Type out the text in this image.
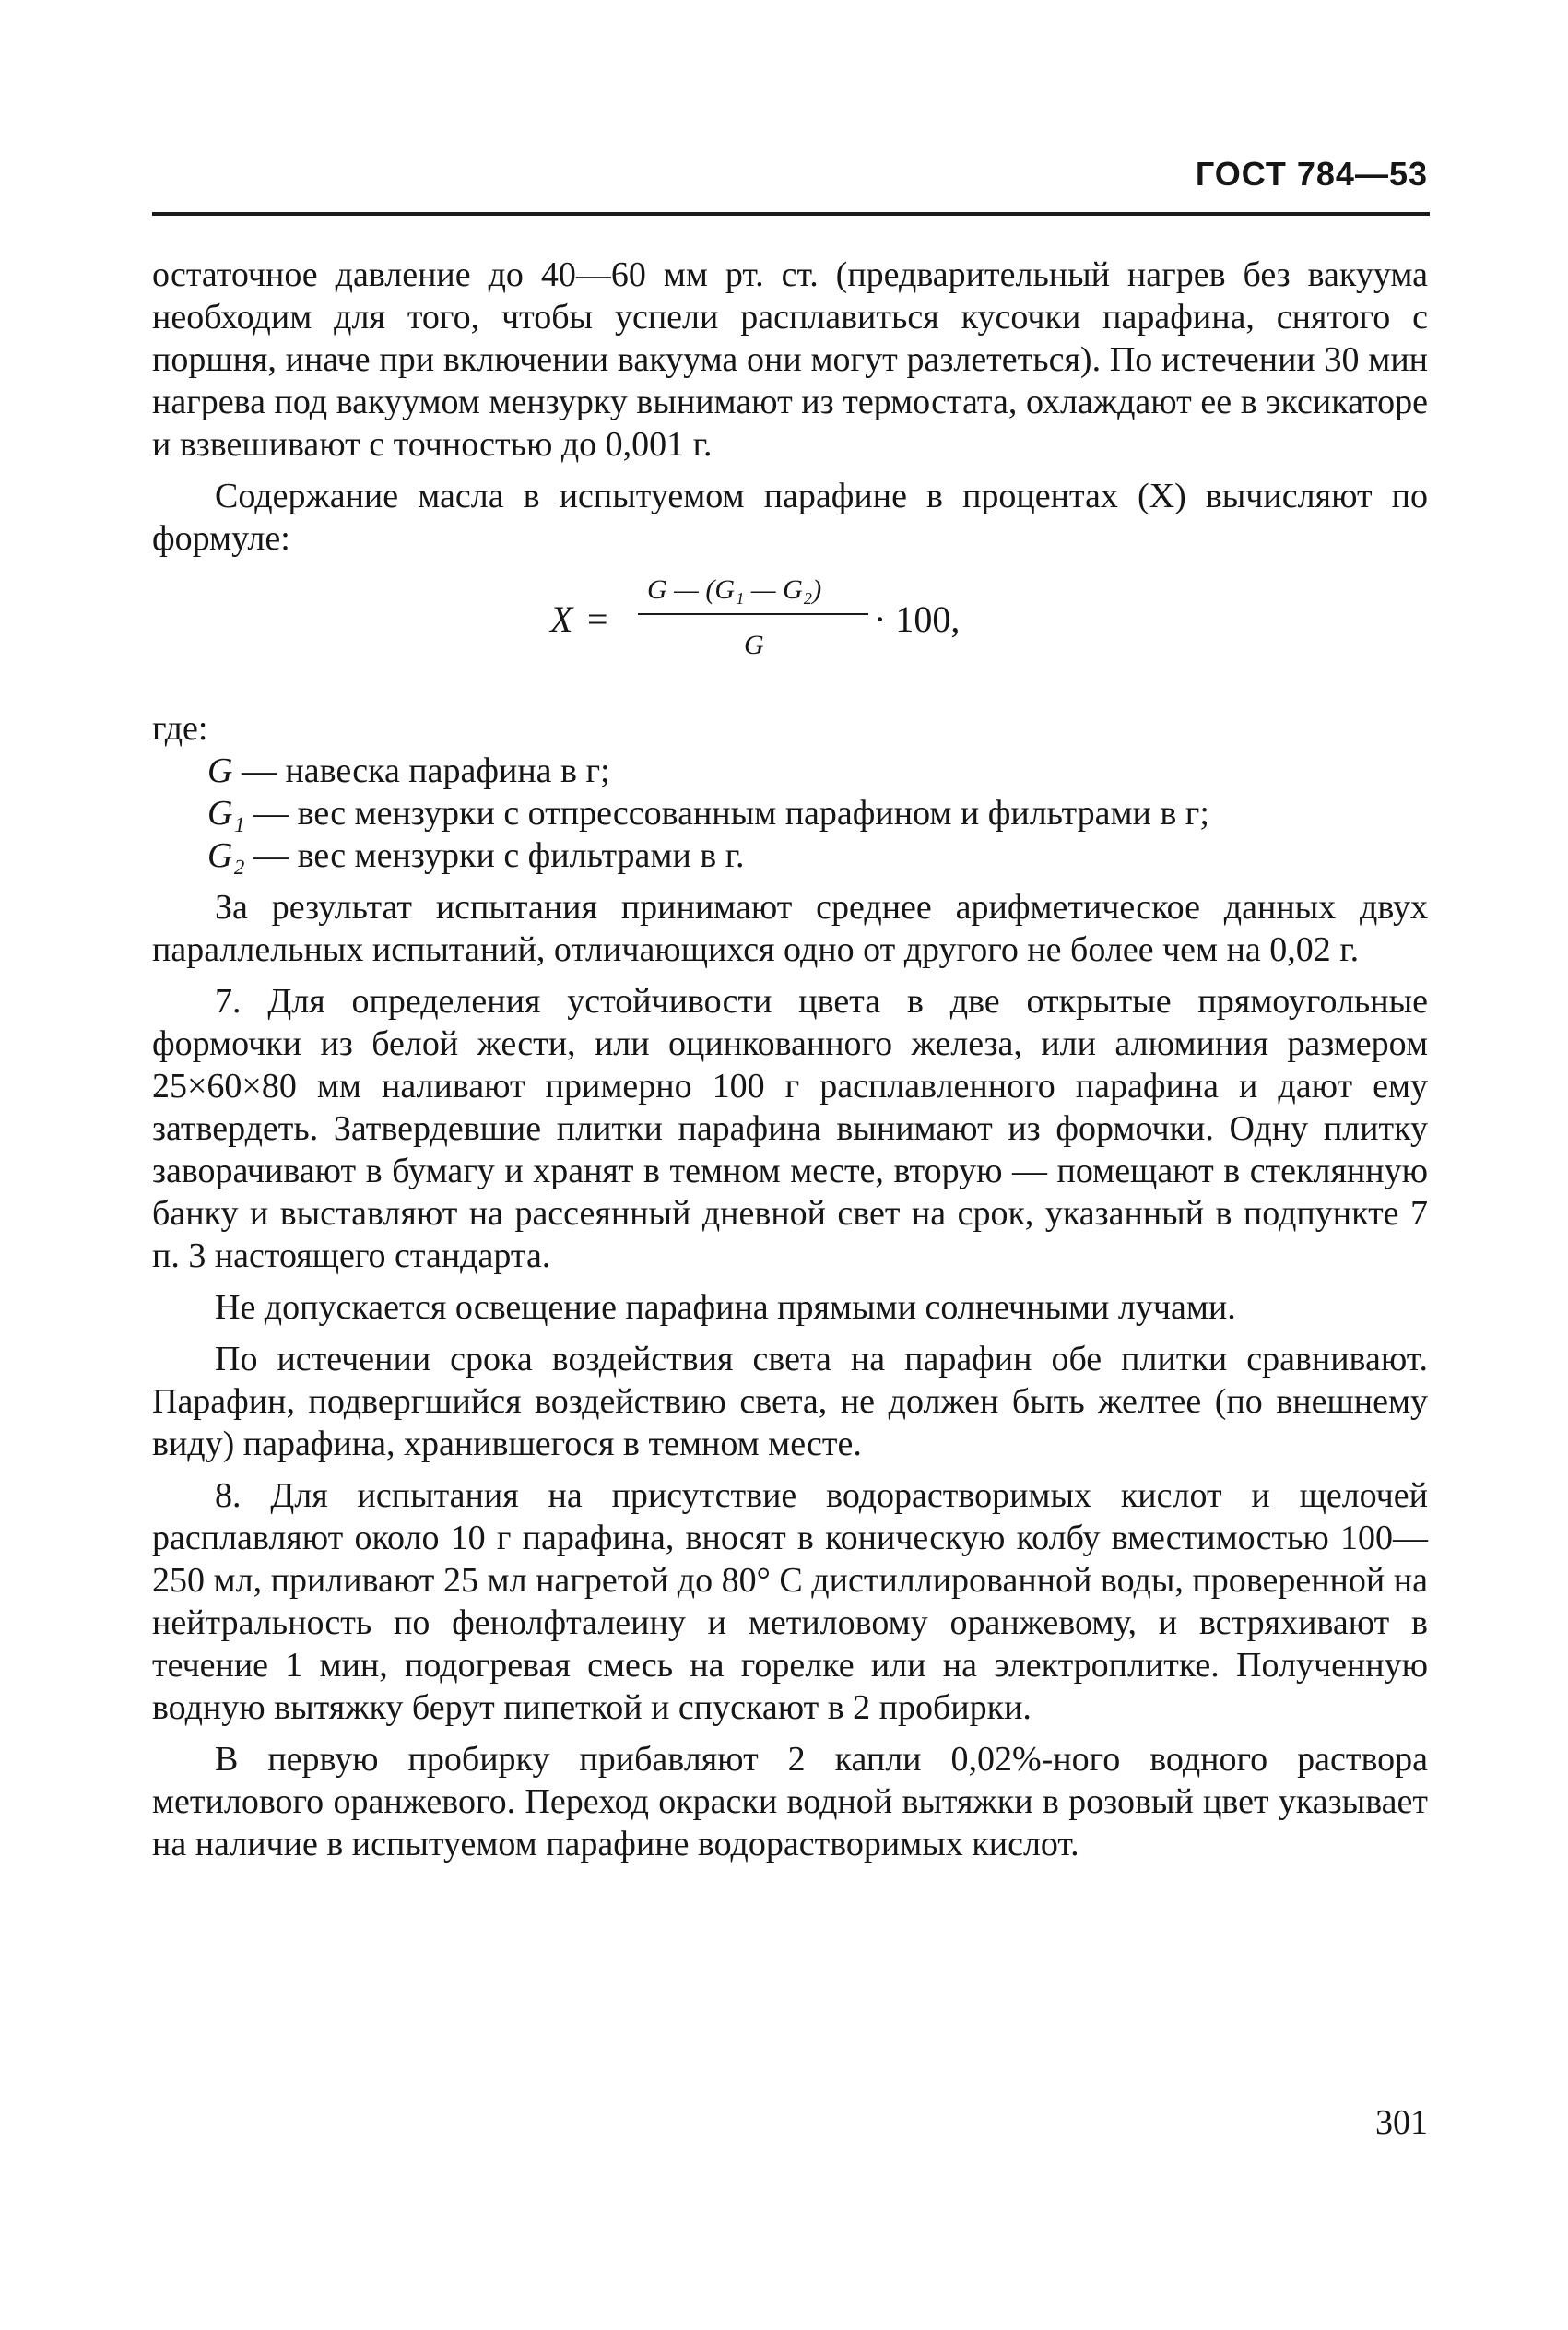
ГОСТ 784—53

остаточное давление до 40—60 мм рт. ст. (предварительный нагрев без вакуума необходим для того, чтобы успели расплавиться кусочки парафина, снятого с поршня, иначе при включении вакуума они могут разлететься). По истечении 30 мин нагрева под вакуумом мензурку вынимают из термостата, охлаждают ее в эксикаторе и взвешивают с точностью до 0,001 г.

Содержание масла в испытуемом парафине в процентах (X) вычисляют по формуле:

X =
G — (G₁ — G₂)
G
· 100,

где:

G — навеска парафина в г;

G₁ — вес мензурки с отпрессованным парафином и фильтрами в г;

G₂ — вес мензурки с фильтрами в г.

За результат испытания принимают среднее арифметическое данных двух параллельных испытаний, отличающихся одно от другого не более чем на 0,02 г.

7. Для определения устойчивости цвета в две открытые прямоугольные формочки из белой жести, или оцинкованного железа, или алюминия размером 25×60×80 мм наливают примерно 100 г расплавленного парафина и дают ему затвердеть. Затвердевшие плитки парафина вынимают из формочки. Одну плитку заворачивают в бумагу и хранят в темном месте, вторую — помещают в стеклянную банку и выставляют на рассеянный дневной свет на срок, указанный в подпункте 7 п. 3 настоящего стандарта.

Не допускается освещение парафина прямыми солнечными лучами.

По истечении срока воздействия света на парафин обе плитки сравнивают. Парафин, подвергшийся воздействию света, не должен быть желтее (по внешнему виду) парафина, хранившегося в темном месте.

8. Для испытания на присутствие водорастворимых кислот и щелочей расплавляют около 10 г парафина, вносят в коническую колбу вместимостью 100—250 мл, приливают 25 мл нагретой до 80° С дистиллированной воды, проверенной на нейтральность по фенолфталеину и метиловому оранжевому, и встряхивают в течение 1 мин, подогревая смесь на горелке или на электроплитке. Полученную водную вытяжку берут пипеткой и спускают в 2 пробирки.

В первую пробирку прибавляют 2 капли 0,02%-ного водного раствора метилового оранжевого. Переход окраски водной вытяжки в розовый цвет указывает на наличие в испытуемом парафине водорастворимых кислот.

301
